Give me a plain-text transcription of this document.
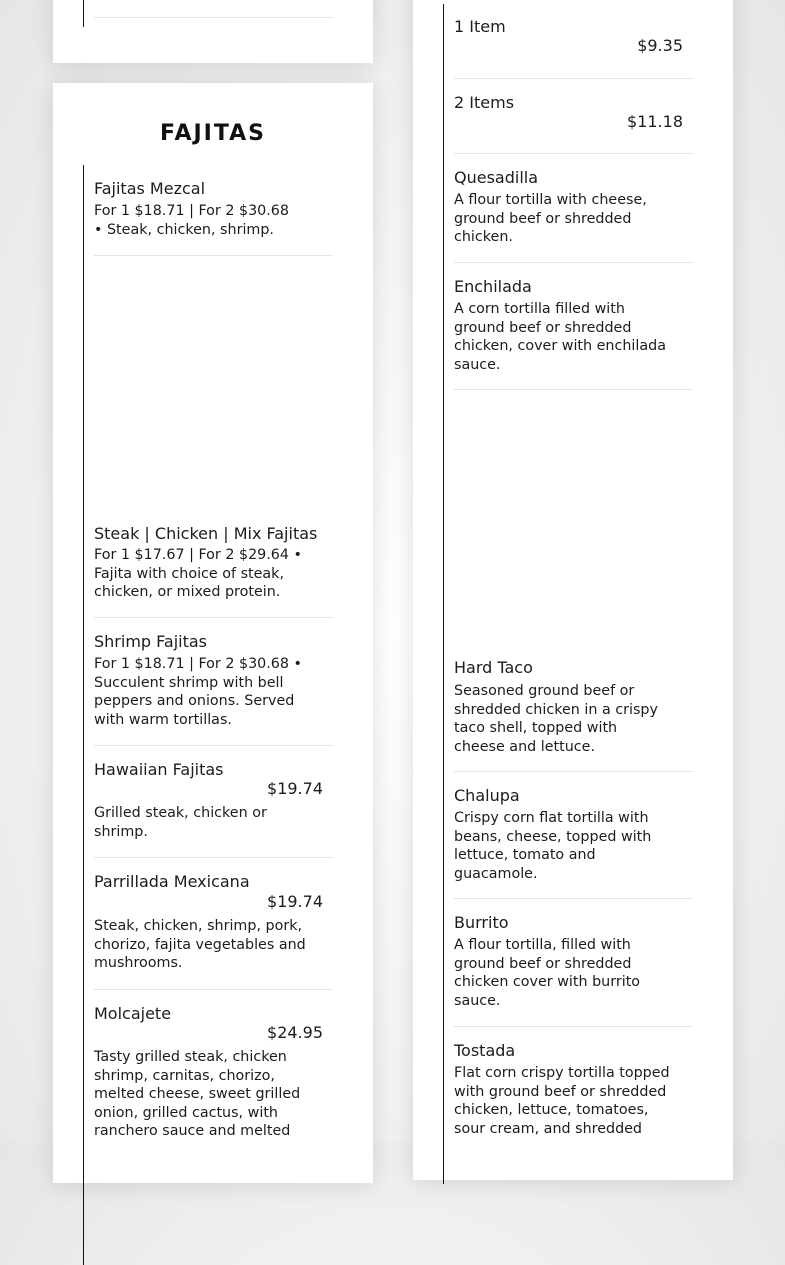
FAJITAS
Fajitas Mezcal
For 1 $18.71 | For 2 $30.68 • Steak, chicken, shrimp.
Steak | Chicken | Mix Fajitas
For 1 $17.67 | For 2 $29.64 • Fajita with choice of steak, chicken, or mixed protein.
Shrimp Fajitas
For 1 $18.71 | For 2 $30.68 • Succulent shrimp with bell peppers and onions. Served with warm tortillas.
Hawaiian Fajitas
$19.74
Grilled steak, chicken or shrimp.
Parrillada Mexicana
$19.74
Steak, chicken, shrimp, pork, chorizo, fajita vegetables and mushrooms.
Molcajete
$24.95
Tasty grilled steak, chicken shrimp, carnitas, chorizo, melted cheese, sweet grilled onion, grilled cactus, with ranchero sauce and melted
1 Item
$9.35
2 Items
$11.18
Quesadilla
A flour tortilla with cheese, ground beef or shredded chicken.
Enchilada
A corn tortilla filled with ground beef or shredded chicken, cover with enchilada sauce.
Hard Taco
Seasoned ground beef or shredded chicken in a crispy taco shell, topped with cheese and lettuce.
Chalupa
Crispy corn flat tortilla with beans, cheese, topped with lettuce, tomato and guacamole.
Burrito
A flour tortilla, filled with ground beef or shredded chicken cover with burrito sauce.
Tostada
Flat corn crispy tortilla topped with ground beef or shredded chicken, lettuce, tomatoes, sour cream, and shredded
